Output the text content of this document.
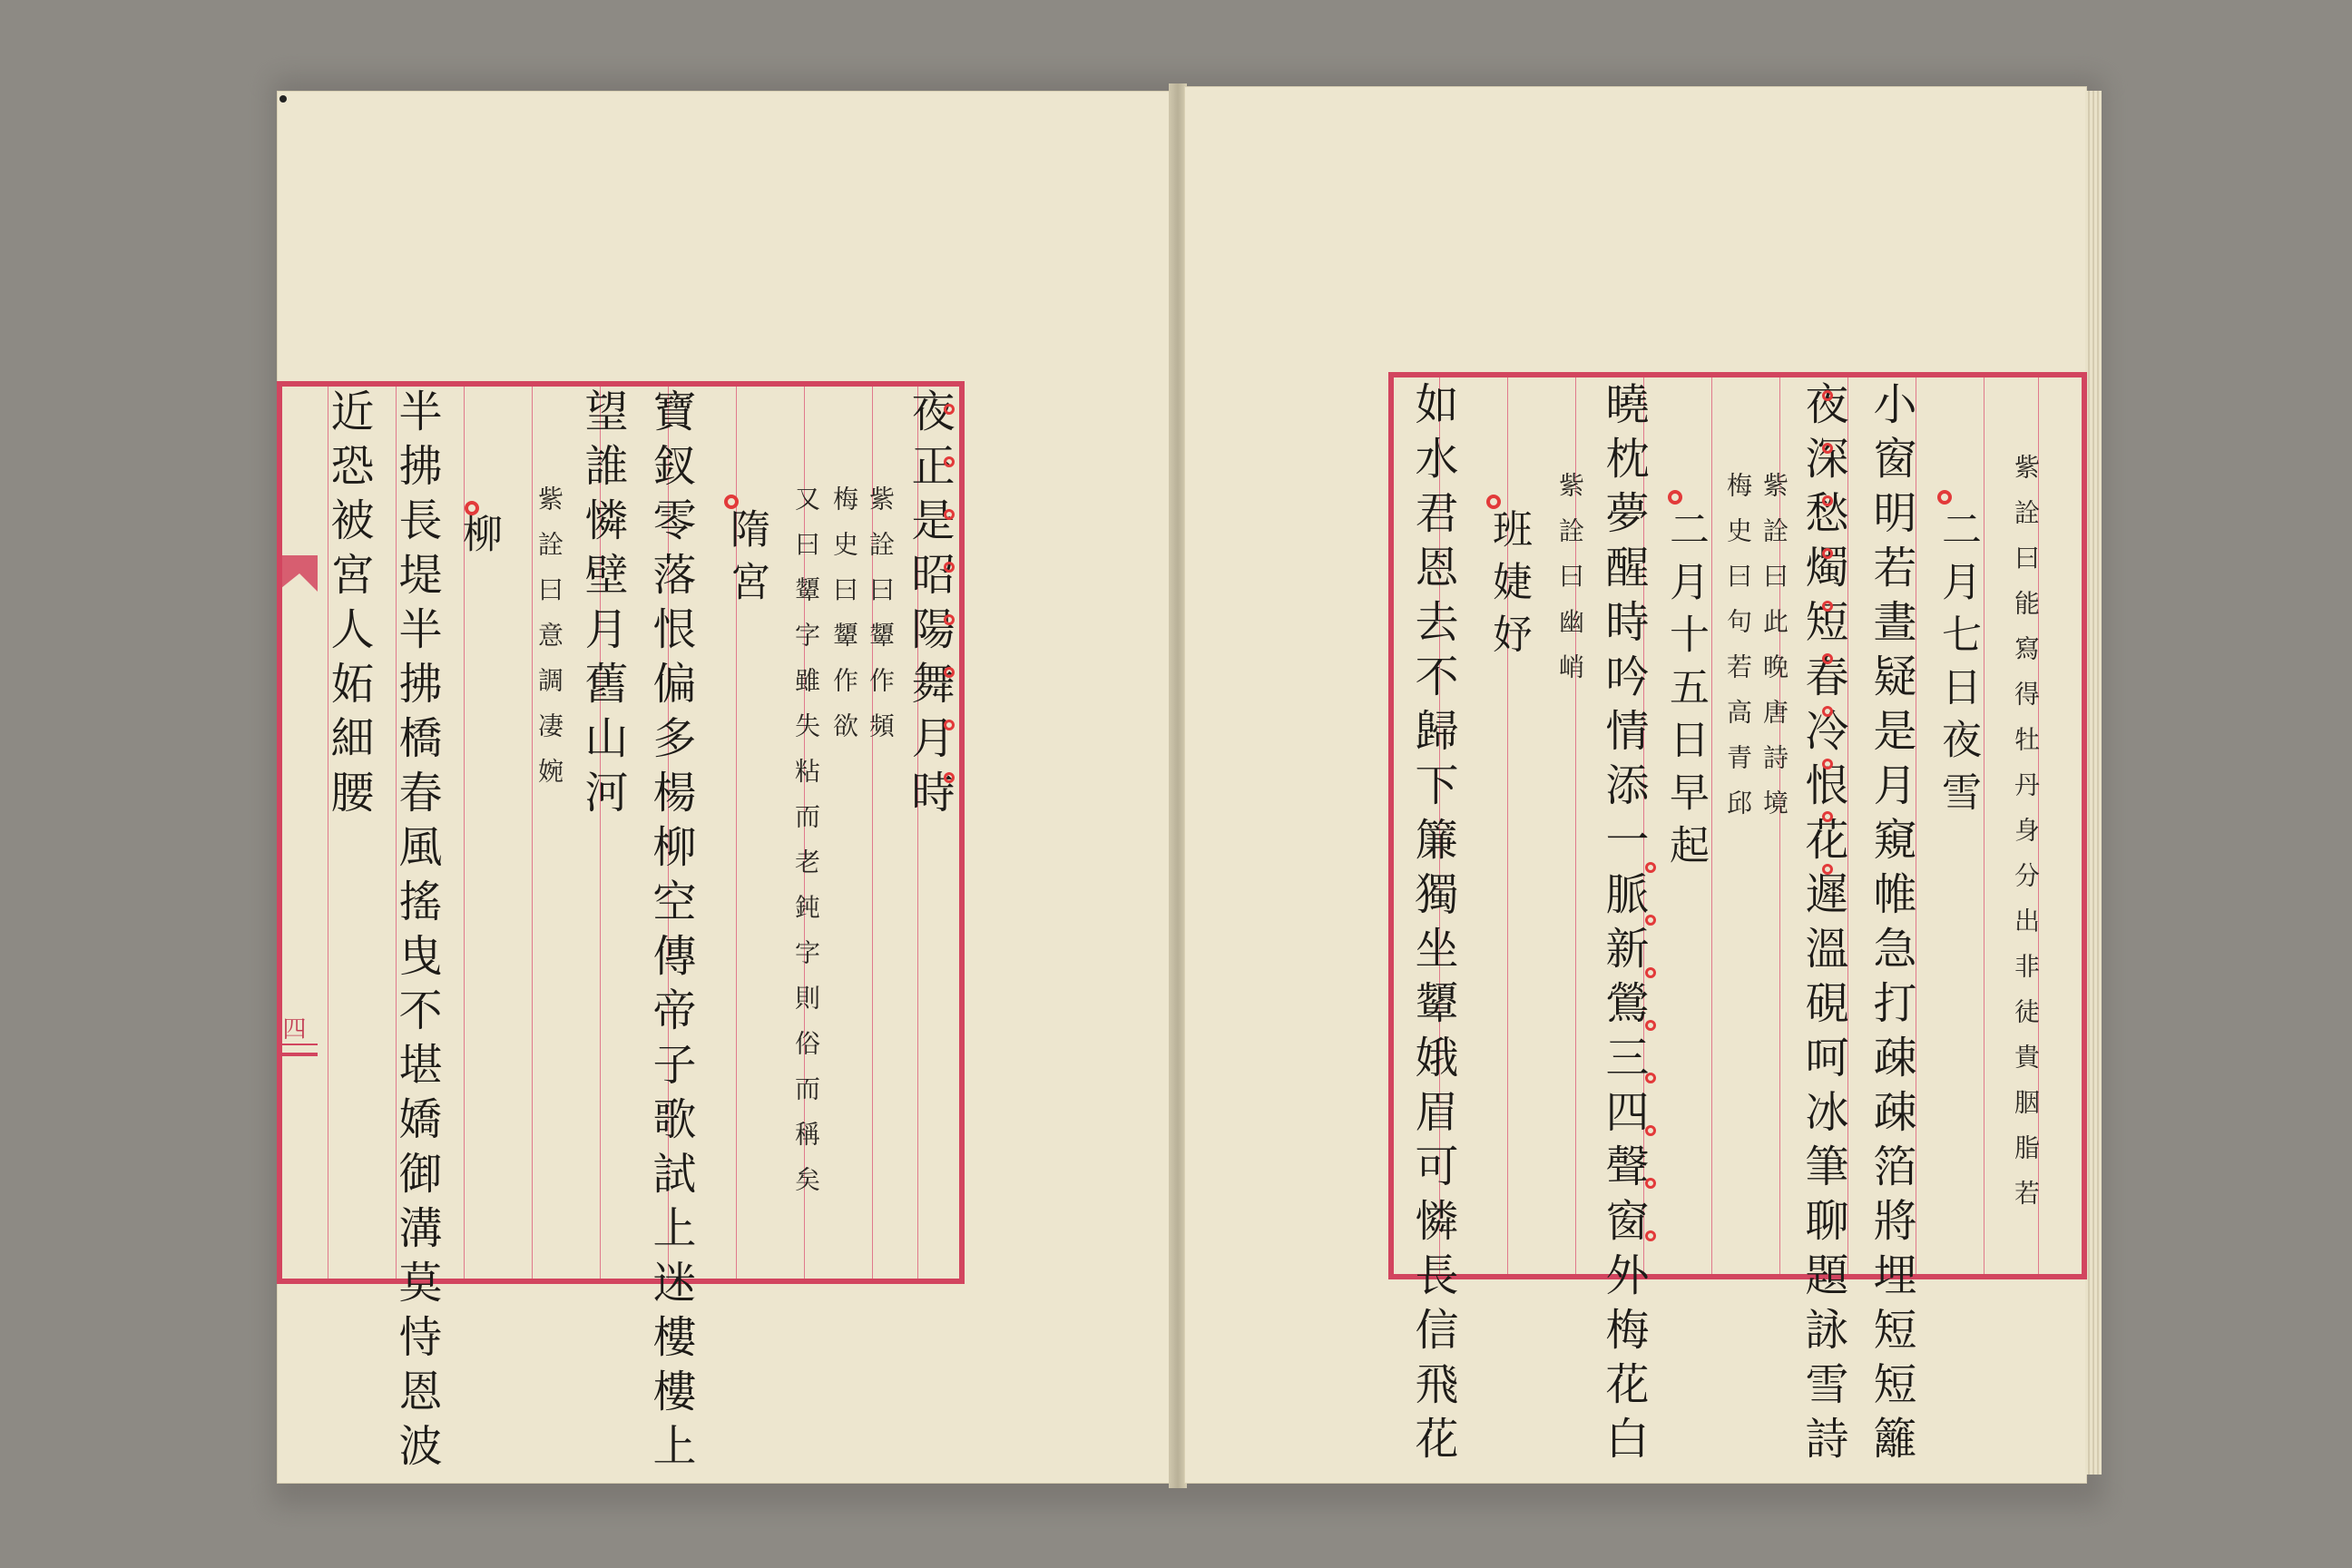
四
夜正是昭陽舞月時
紫詮曰顰作頻
梅史曰顰作欲
又曰顰字雖失粘而老鈍字則俗而稱矣
隋宮
寶釵零落恨偏多楊柳空傳帝子歌試上迷樓樓上
望誰憐壁月舊山河
紫詮曰意調凄婉
柳
半拂長堤半拂橋春風搖曳不堪嬌御溝莫恃恩波
近恐被宮人妬細腰	紫詮曰能寫得牡丹身分出非徒貴胭脂若
二月七日夜雪
小窗明若晝疑是月窺帷急打疎疎箔將埋短短籬
夜深愁燭短春冷恨花遲溫硯呵冰筆聊題詠雪詩
紫詮曰此晚唐詩境
梅史曰句若高青邱
二月十五日早起
曉枕夢醒時吟情添一脈新鶯三四聲窗外梅花白
紫詮曰幽峭
班婕妤
如水君恩去不歸下簾獨坐顰娥眉可憐長信飛花
